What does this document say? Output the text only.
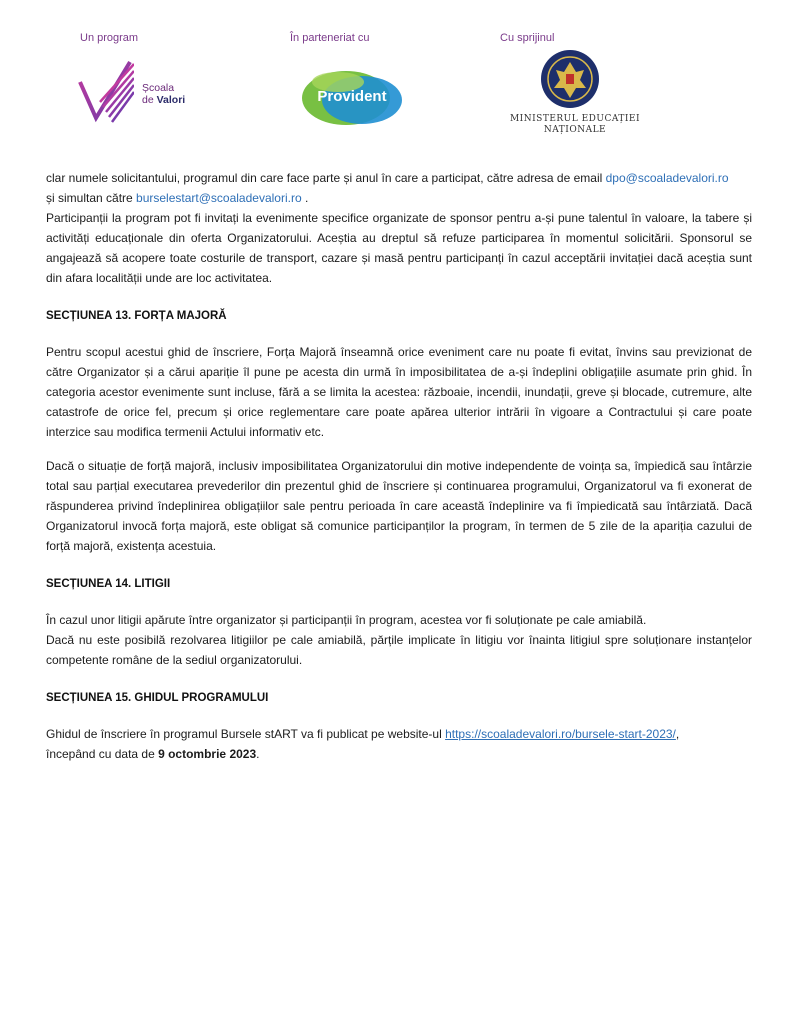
Un program	În parteneriat cu	Cu sprijinul
Școala
de Valori	Provident
MINISTERUL EDUCAȚIEI
NAȚIONALE

clar numele solicitantului, programul din care face parte și anul în care a participat, către adresa de email dpo@scoaladevalori.ro
și simultan către burselestart@scoaladevalori.ro .

Participanții la program pot fi invitați la evenimente specifice organizate de sponsor pentru a-și pune talentul în valoare, la tabere și activități educaționale din oferta Organizatorului. Aceștia au dreptul să refuze participarea în momentul solicitării. Sponsorul se angajează să acopere toate costurile de transport, cazare și masă pentru participanți în cazul acceptării invitației dacă aceștia sunt din afara localității unde are loc activitatea.

SECȚIUNEA 13. FORȚA MAJORĂ

Pentru scopul acestui ghid de înscriere, Forța Majoră înseamnă orice eveniment care nu poate fi evitat, învins sau previzionat de către Organizator și a cărui apariție îl pune pe acesta din urmă în imposibilitatea de a-și îndeplini obligațiile asumate prin ghid. În categoria acestor evenimente sunt incluse, fără a se limita la acestea: războaie, incendii, inundații, greve și blocade, cutremure, alte catastrofe de orice fel, precum și orice reglementare care poate apărea ulterior intrării în vigoare a Contractului și care poate interzice sau modifica termenii Actului informativ etc.

Dacă o situație de forță majoră, inclusiv imposibilitatea Organizatorului din motive independente de voința sa, împiedică sau întârzie total sau parțial executarea prevederilor din prezentul ghid de înscriere și continuarea programului, Organizatorul va fi exonerat de răspunderea privind îndeplinirea obligațiilor sale pentru perioada în care această îndeplinire va fi împiedicată sau întârziată. Dacă Organizatorul invocă forța majoră, este obligat să comunice participanților la program, în termen de 5 zile de la apariția cazului de forță majoră, existența acestuia.

SECȚIUNEA 14. LITIGII

În cazul unor litigii apărute între organizator și participanții în program, acestea vor fi soluționate pe cale amiabilă.

Dacă nu este posibilă rezolvarea litigiilor pe cale amiabilă, părțile implicate în litigiu vor înainta litigiul spre soluționare instanțelor competente române de la sediul organizatorului.

SECȚIUNEA 15. GHIDUL PROGRAMULUI

Ghidul de înscriere în programul Bursele stART va fi publicat pe website-ul https://scoaladevalori.ro/bursele-start-2023/,
începând cu data de 9 octombrie 2023.
